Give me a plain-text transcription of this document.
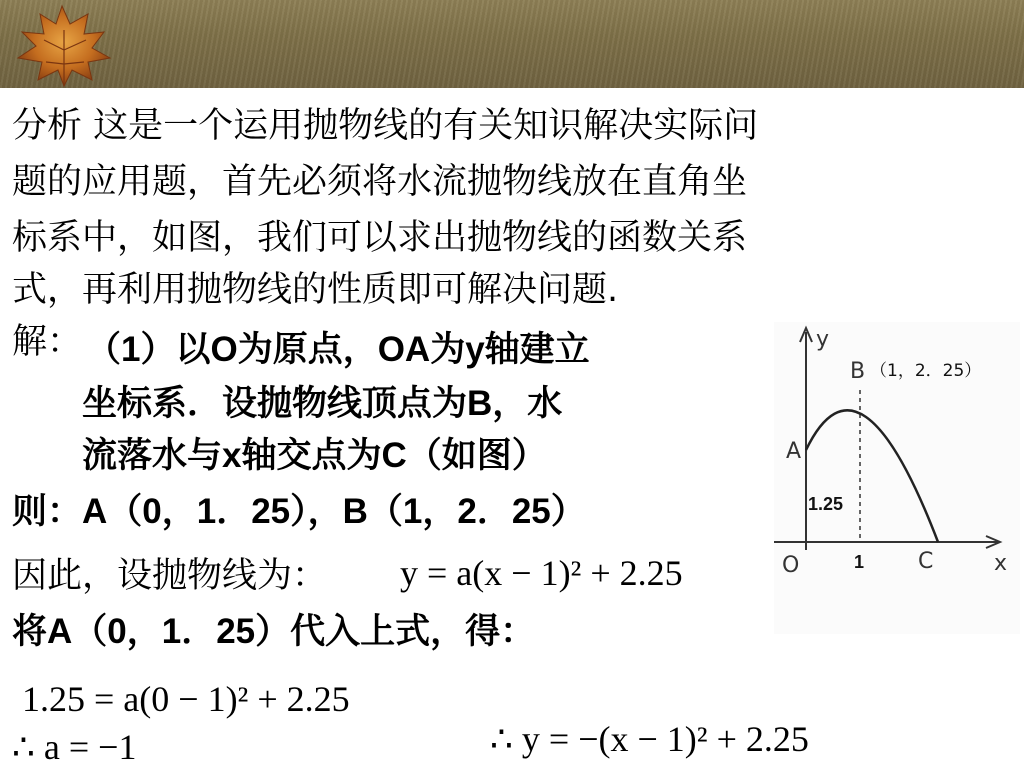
分析 这是一个运用抛物线的有关知识解决实际问
题的应用题，首先必须将水流抛物线放在直角坐
标系中，如图，我们可以求出抛物线的函数关系
式，再利用抛物线的性质即可解决问题.
解： （1）以O为原点，OA为y轴建立
坐标系．设抛物线顶点为B，水
流落水与x轴交点为C（如图）
则：A（0，1．25），B（1，2．25）
因此，设抛物线为： y = a(x − 1)² + 2.25
将A（0，1．25）代入上式，得：
1.25 = a(0 − 1)² + 2.25
∴ a = −1	∴ y = −(x − 1)² + 2.25
y
x
O
A
B （1，2．25）
C
1.25
1
